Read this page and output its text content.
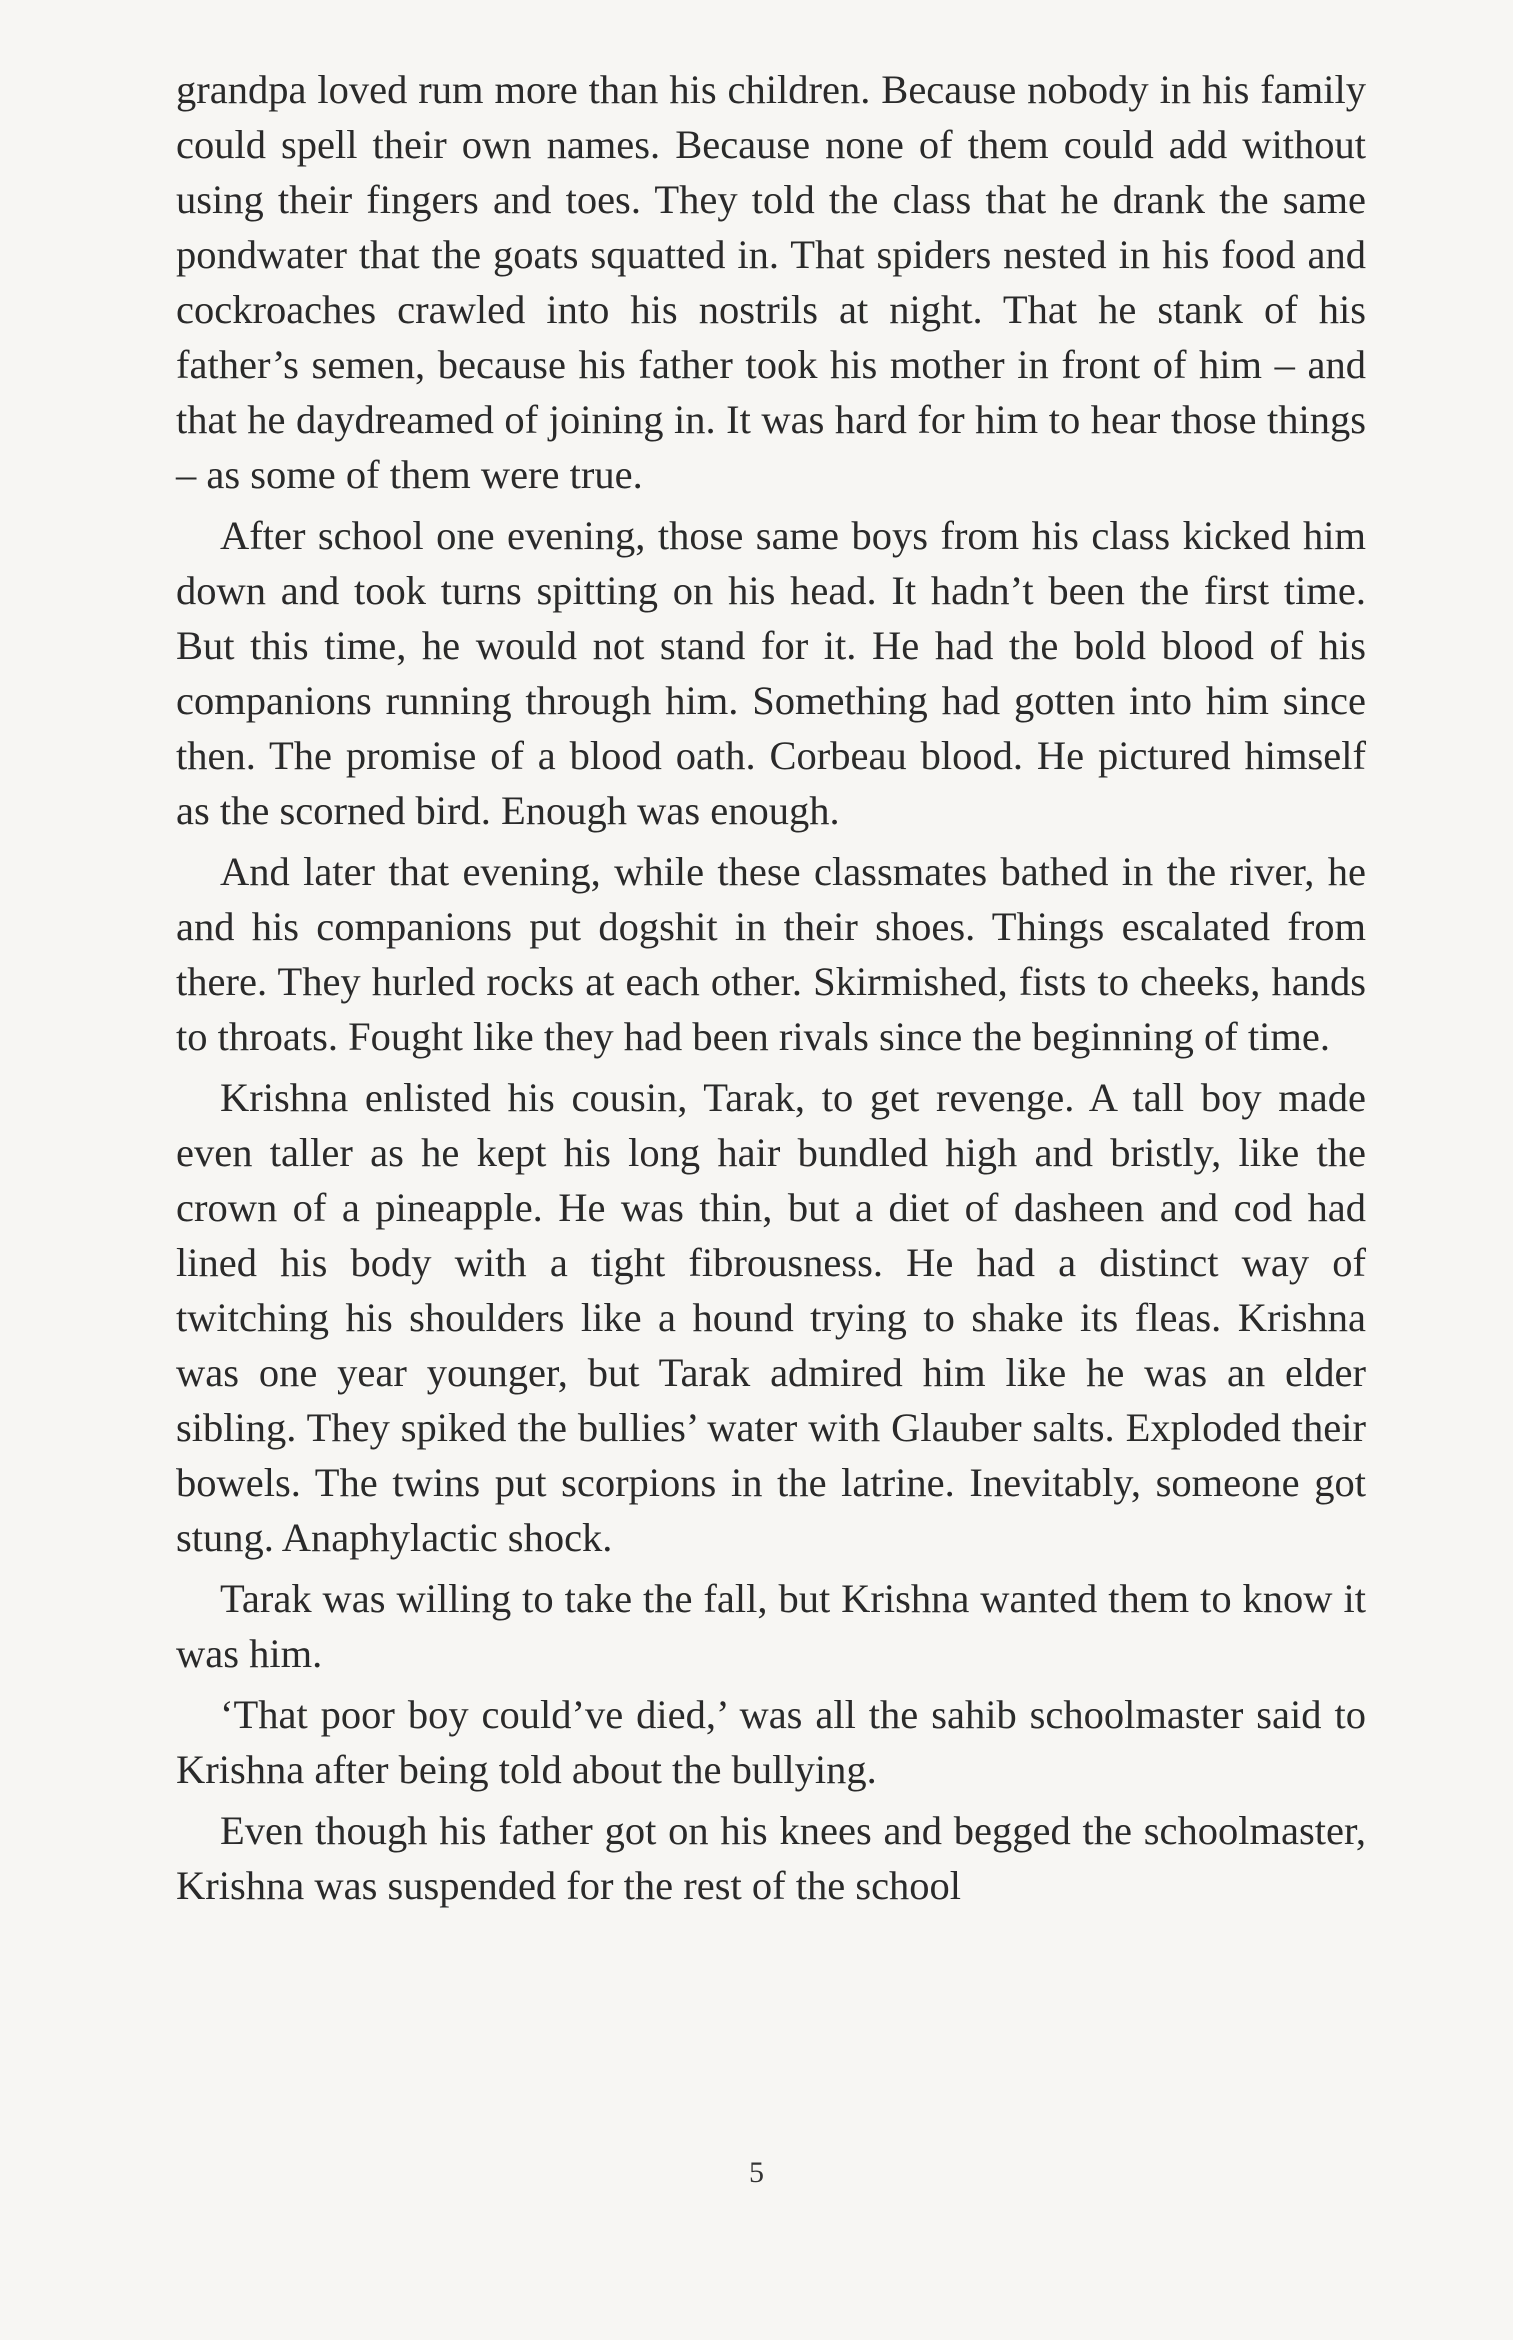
grandpa loved rum more than his children. Because nobody in his family could spell their own names. Because none of them could add without using their fingers and toes. They told the class that he drank the same pondwater that the goats squatted in. That spiders nested in his food and cockroaches crawled into his nostrils at night. That he stank of his father’s semen, because his father took his mother in front of him – and that he daydreamed of joining in. It was hard for him to hear those things – as some of them were true.

After school one evening, those same boys from his class kicked him down and took turns spitting on his head. It hadn’t been the first time. But this time, he would not stand for it. He had the bold blood of his companions running through him. Something had gotten into him since then. The promise of a blood oath. Corbeau blood. He pictured himself as the scorned bird. Enough was enough.

And later that evening, while these classmates bathed in the river, he and his companions put dogshit in their shoes. Things escalated from there. They hurled rocks at each other. Skirmished, fists to cheeks, hands to throats. Fought like they had been rivals since the beginning of time.

Krishna enlisted his cousin, Tarak, to get revenge. A tall boy made even taller as he kept his long hair bundled high and bristly, like the crown of a pineapple. He was thin, but a diet of dasheen and cod had lined his body with a tight fibrousness. He had a distinct way of twitching his shoulders like a hound trying to shake its fleas. Krishna was one year younger, but Tarak admired him like he was an elder sibling. They spiked the bullies’ water with Glauber salts. Exploded their bowels. The twins put scorpions in the latrine. Inevitably, someone got stung. Anaphylactic shock.

Tarak was willing to take the fall, but Krishna wanted them to know it was him.

‘That poor boy could’ve died,’ was all the sahib schoolmaster said to Krishna after being told about the bullying.

Even though his father got on his knees and begged the schoolmaster, Krishna was suspended for the rest of the school

5
